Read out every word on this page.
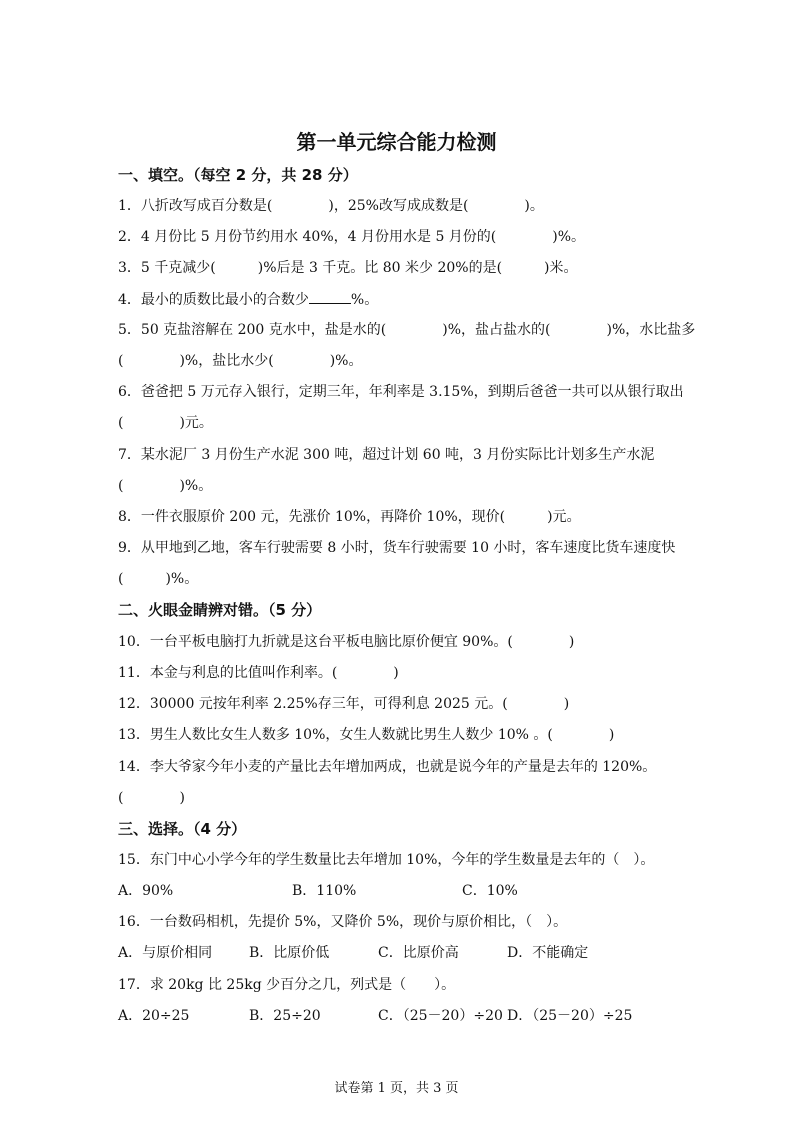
第一单元综合能力检测
一、填空。（每空 2 分，共 28 分）
1．八折改写成百分数是(　　　　)，25%改写成成数是(　　　　)。
2．4 月份比 5 月份节约用水 40%，4 月份用水是 5 月份的(　　　　)%。
3．5 千克减少(　　　)%后是 3 千克。比 80 米少 20%的是(　　　)米。
4．最小的质数比最小的合数少	%。
5．50 克盐溶解在 200 克水中，盐是水的(　　　　)%，盐占盐水的(　　　　)%，水比盐多
(　　　　)%，盐比水少(　　　　)%。
6．爸爸把 5 万元存入银行，定期三年，年利率是 3.15%，到期后爸爸一共可以从银行取出
(　　　　)元。
7．某水泥厂 3 月份生产水泥 300 吨，超过计划 60 吨，3 月份实际比计划多生产水泥
(　　　　)%。
8．一件衣服原价 200 元，先涨价 10%，再降价 10%，现价(　　　)元。
9．从甲地到乙地，客车行驶需要 8 小时，货车行驶需要 10 小时，客车速度比货车速度快
(　　　)%。
二、火眼金睛辨对错。（5 分）
10．一台平板电脑打九折就是这台平板电脑比原价便宜 90%。(　　　　)
11．本金与利息的比值叫作利率。(　　　　)
12．30000 元按年利率 2.25%存三年，可得利息 2025 元。(　　　　)
13．男生人数比女生人数多 10%，女生人数就比男生人数少 10% 。(　　　　)
14．李大爷家今年小麦的产量比去年增加两成，也就是说今年的产量是去年的 120%。
(　　　　)
三、选择。（4 分）
15．东门中心小学今年的学生数量比去年增加 10%，今年的学生数量是去年的（　）。
A．90%	B．110%	C．10%
16．一台数码相机，先提价 5%，又降价 5%，现价与原价相比，（　）。
A．与原价相同	B．比原价低	C．比原价高	D．不能确定
17．求 20kg 比 25kg 少百分之几，列式是（　　）。
A．20÷25	B．25÷20	C．（25－20）÷20 D．（25－20）÷25
试卷第 1 页，共 3 页
